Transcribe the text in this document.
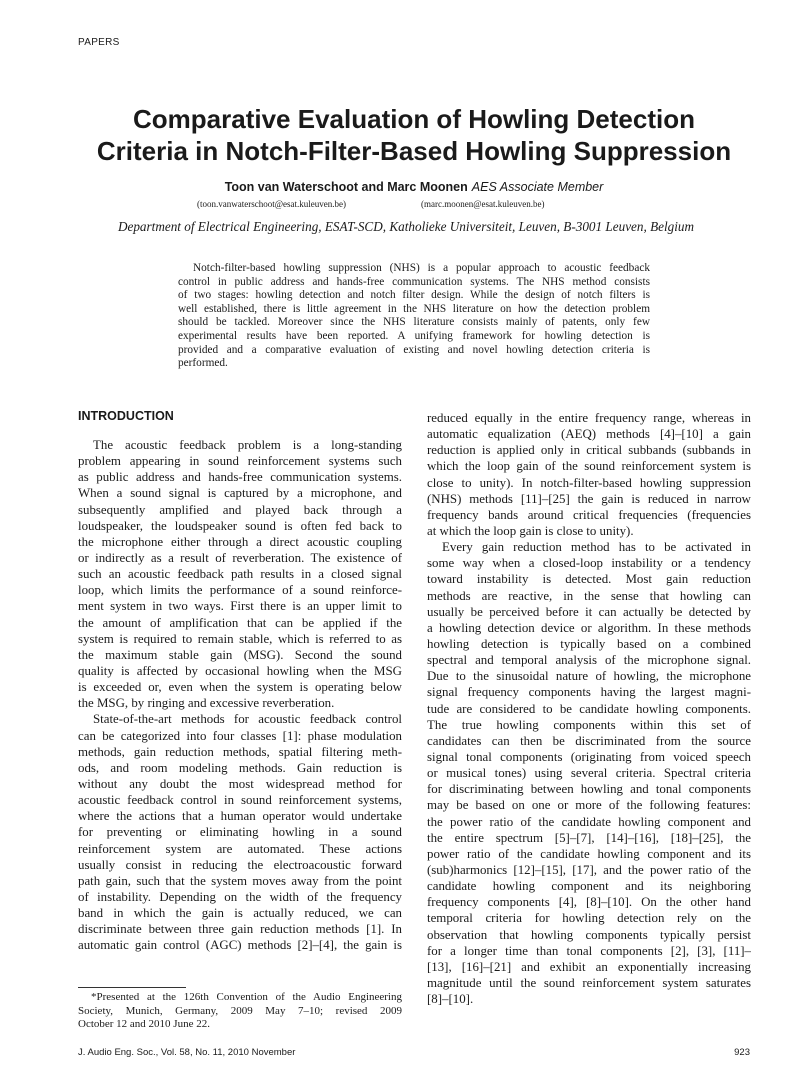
PAPERS
Comparative Evaluation of Howling Detection
Criteria in Notch-Filter-Based Howling Suppression
Toon van Waterschoot and Marc Moonen AES Associate Member
(toon.vanwaterschoot@esat.kuleuven.be)	(marc.moonen@esat.kuleuven.be)
Department of Electrical Engineering, ESAT-SCD, Katholieke Universiteit, Leuven, B-3001 Leuven, Belgium
Notch-filter-based howling suppression (NHS) is a popular approach to acoustic feedback
control in public address and hands-free communication systems. The NHS method consists
of two stages: howling detection and notch filter design. While the design of notch filters is
well established, there is little agreement in the NHS literature on how the detection problem
should be tackled. Moreover since the NHS literature consists mainly of patents, only few
experimental results have been reported. A unifying framework for howling detection is
provided and a comparative evaluation of existing and novel howling detection criteria is
performed.
INTRODUCTION
The acoustic feedback problem is a long-standing
problem appearing in sound reinforcement systems such
as public address and hands-free communication systems.
When a sound signal is captured by a microphone, and
subsequently amplified and played back through a
loudspeaker, the loudspeaker sound is often fed back to
the microphone either through a direct acoustic coupling
or indirectly as a result of reverberation. The existence of
such an acoustic feedback path results in a closed signal
loop, which limits the performance of a sound reinforce-
ment system in two ways. First there is an upper limit to
the amount of amplification that can be applied if the
system is required to remain stable, which is referred to as
the maximum stable gain (MSG). Second the sound
quality is affected by occasional howling when the MSG
is exceeded or, even when the system is operating below
the MSG, by ringing and excessive reverberation.
State-of-the-art methods for acoustic feedback control
can be categorized into four classes [1]: phase modulation
methods, gain reduction methods, spatial filtering meth-
ods, and room modeling methods. Gain reduction is
without any doubt the most widespread method for
acoustic feedback control in sound reinforcement systems,
where the actions that a human operator would undertake
for preventing or eliminating howling in a sound
reinforcement system are automated. These actions
usually consist in reducing the electroacoustic forward
path gain, such that the system moves away from the point
of instability. Depending on the width of the frequency
band in which the gain is actually reduced, we can
discriminate between three gain reduction methods [1]. In
automatic gain control (AGC) methods [2]–[4], the gain is
reduced equally in the entire frequency range, whereas in
automatic equalization (AEQ) methods [4]–[10] a gain
reduction is applied only in critical subbands (subbands in
which the loop gain of the sound reinforcement system is
close to unity). In notch-filter-based howling suppression
(NHS) methods [11]–[25] the gain is reduced in narrow
frequency bands around critical frequencies (frequencies
at which the loop gain is close to unity).
Every gain reduction method has to be activated in
some way when a closed-loop instability or a tendency
toward instability is detected. Most gain reduction
methods are reactive, in the sense that howling can
usually be perceived before it can actually be detected by
a howling detection device or algorithm. In these methods
howling detection is typically based on a combined
spectral and temporal analysis of the microphone signal.
Due to the sinusoidal nature of howling, the microphone
signal frequency components having the largest magni-
tude are considered to be candidate howling components.
The true howling components within this set of
candidates can then be discriminated from the source
signal tonal components (originating from voiced speech
or musical tones) using several criteria. Spectral criteria
for discriminating between howling and tonal components
may be based on one or more of the following features:
the power ratio of the candidate howling component and
the entire spectrum [5]–[7], [14]–[16], [18]–[25], the
power ratio of the candidate howling component and its
(sub)harmonics [12]–[15], [17], and the power ratio of the
candidate howling component and its neighboring
frequency components [4], [8]–[10]. On the other hand
temporal criteria for howling detection rely on the
observation that howling components typically persist
for a longer time than tonal components [2], [3], [11]–
[13], [16]–[21] and exhibit an exponentially increasing
magnitude until the sound reinforcement system saturates
[8]–[10].
*Presented at the 126th Convention of the Audio Engineering
Society, Munich, Germany, 2009 May 7–10; revised 2009
October 12 and 2010 June 22.
J. Audio Eng. Soc., Vol. 58, No. 11, 2010 November	923
